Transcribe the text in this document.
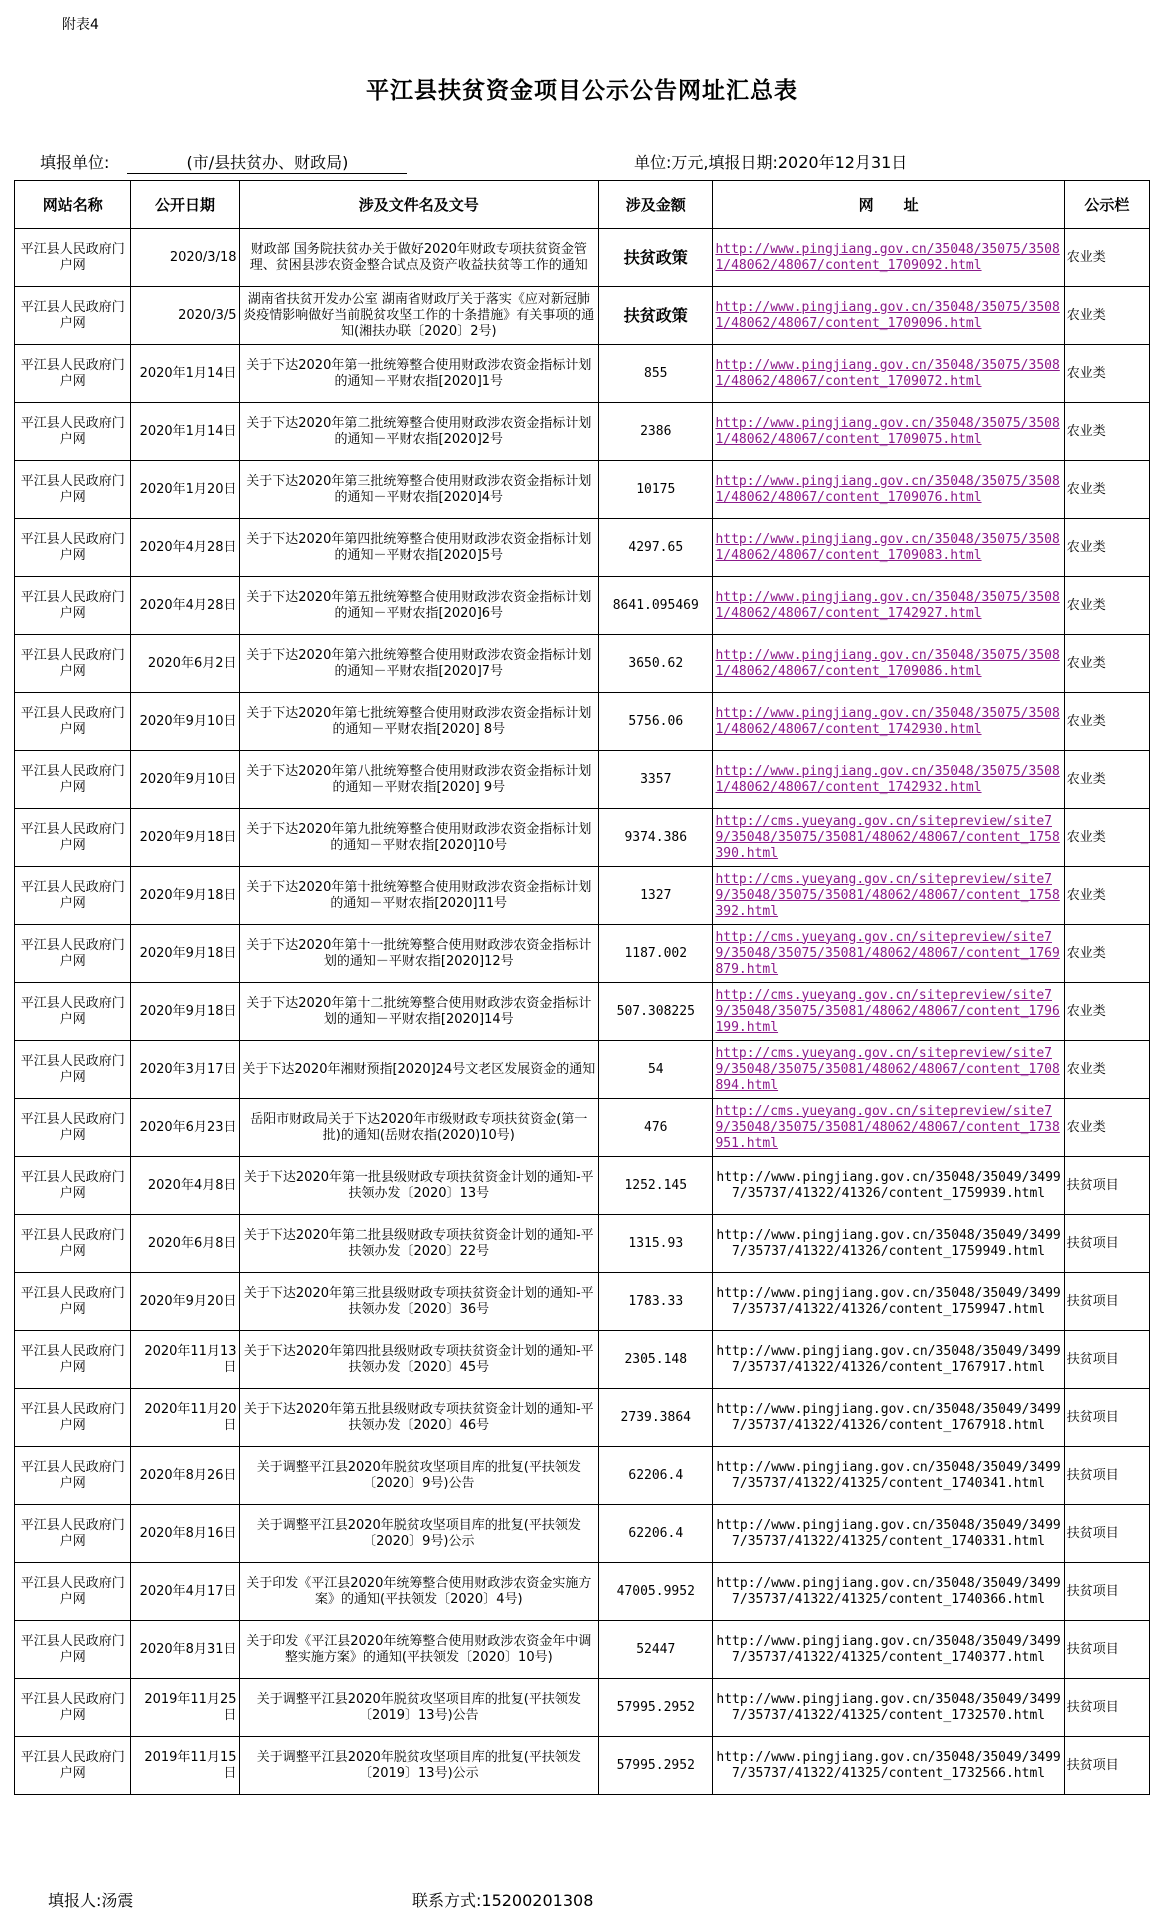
附表4
平江县扶贫资金项目公示公告网址汇总表
填报单位:	(市/县扶贫办、财政局)	单位:万元,填报日期:2020年12月31日
网站名称	公开日期	涉及文件名及文号	涉及金额	网　　址	公示栏
平江县人民政府门户网	2020/3/18	财政部 国务院扶贫办关于做好2020年财政专项扶贫资金管理、贫困县涉农资金整合试点及资产收益扶贫等工作的通知	扶贫政策	http://www.pingjiang.gov.cn/35048/35075/35081/48062/48067/content_1709092.html	农业类
平江县人民政府门户网	2020/3/5	湖南省扶贫开发办公室 湖南省财政厅关于落实《应对新冠肺炎疫情影响做好当前脱贫攻坚工作的十条措施》有关事项的通知(湘扶办联〔2020〕2号)	扶贫政策	http://www.pingjiang.gov.cn/35048/35075/35081/48062/48067/content_1709096.html	农业类
平江县人民政府门户网	2020年1月14日	关于下达2020年第一批统筹整合使用财政涉农资金指标计划的通知－平财农指[2020]1号	855	http://www.pingjiang.gov.cn/35048/35075/35081/48062/48067/content_1709072.html	农业类
平江县人民政府门户网	2020年1月14日	关于下达2020年第二批统筹整合使用财政涉农资金指标计划的通知－平财农指[2020]2号	2386	http://www.pingjiang.gov.cn/35048/35075/35081/48062/48067/content_1709075.html	农业类
平江县人民政府门户网	2020年1月20日	关于下达2020年第三批统筹整合使用财政涉农资金指标计划的通知－平财农指[2020]4号	10175	http://www.pingjiang.gov.cn/35048/35075/35081/48062/48067/content_1709076.html	农业类
平江县人民政府门户网	2020年4月28日	关于下达2020年第四批统筹整合使用财政涉农资金指标计划的通知－平财农指[2020]5号	4297.65	http://www.pingjiang.gov.cn/35048/35075/35081/48062/48067/content_1709083.html	农业类
平江县人民政府门户网	2020年4月28日	关于下达2020年第五批统筹整合使用财政涉农资金指标计划的通知－平财农指[2020]6号	8641.095469	http://www.pingjiang.gov.cn/35048/35075/35081/48062/48067/content_1742927.html	农业类
平江县人民政府门户网	2020年6月2日	关于下达2020年第六批统筹整合使用财政涉农资金指标计划的通知－平财农指[2020]7号	3650.62	http://www.pingjiang.gov.cn/35048/35075/35081/48062/48067/content_1709086.html	农业类
平江县人民政府门户网	2020年9月10日	关于下达2020年第七批统筹整合使用财政涉农资金指标计划的通知－平财农指[2020] 8号	5756.06	http://www.pingjiang.gov.cn/35048/35075/35081/48062/48067/content_1742930.html	农业类
平江县人民政府门户网	2020年9月10日	关于下达2020年第八批统筹整合使用财政涉农资金指标计划的通知－平财农指[2020] 9号	3357	http://www.pingjiang.gov.cn/35048/35075/35081/48062/48067/content_1742932.html	农业类
平江县人民政府门户网	2020年9月18日	关于下达2020年第九批统筹整合使用财政涉农资金指标计划的通知－平财农指[2020]10号	9374.386	http://cms.yueyang.gov.cn/sitepreview/site79/35048/35075/35081/48062/48067/content_1758390.html	农业类
平江县人民政府门户网	2020年9月18日	关于下达2020年第十批统筹整合使用财政涉农资金指标计划的通知－平财农指[2020]11号	1327	http://cms.yueyang.gov.cn/sitepreview/site79/35048/35075/35081/48062/48067/content_1758392.html	农业类
平江县人民政府门户网	2020年9月18日	关于下达2020年第十一批统筹整合使用财政涉农资金指标计划的通知－平财农指[2020]12号	1187.002	http://cms.yueyang.gov.cn/sitepreview/site79/35048/35075/35081/48062/48067/content_1769879.html	农业类
平江县人民政府门户网	2020年9月18日	关于下达2020年第十二批统筹整合使用财政涉农资金指标计划的通知－平财农指[2020]14号	507.308225	http://cms.yueyang.gov.cn/sitepreview/site79/35048/35075/35081/48062/48067/content_1796199.html	农业类
平江县人民政府门户网	2020年3月17日	关于下达2020年湘财预指[2020]24号文老区发展资金的通知	54	http://cms.yueyang.gov.cn/sitepreview/site79/35048/35075/35081/48062/48067/content_1708894.html	农业类
平江县人民政府门户网	2020年6月23日	岳阳市财政局关于下达2020年市级财政专项扶贫资金(第一批)的通知(岳财农指(2020)10号)	476	http://cms.yueyang.gov.cn/sitepreview/site79/35048/35075/35081/48062/48067/content_1738951.html	农业类
平江县人民政府门户网	2020年4月8日	关于下达2020年第一批县级财政专项扶贫资金计划的通知-平扶领办发〔2020〕13号	1252.145	http://www.pingjiang.gov.cn/35048/35049/34997/35737/41322/41326/content_1759939.html	扶贫项目
平江县人民政府门户网	2020年6月8日	关于下达2020年第二批县级财政专项扶贫资金计划的通知-平扶领办发〔2020〕22号	1315.93	http://www.pingjiang.gov.cn/35048/35049/34997/35737/41322/41326/content_1759949.html	扶贫项目
平江县人民政府门户网	2020年9月20日	关于下达2020年第三批县级财政专项扶贫资金计划的通知-平扶领办发〔2020〕36号	1783.33	http://www.pingjiang.gov.cn/35048/35049/34997/35737/41322/41326/content_1759947.html	扶贫项目
平江县人民政府门户网	2020年11月13日	关于下达2020年第四批县级财政专项扶贫资金计划的通知-平扶领办发〔2020〕45号	2305.148	http://www.pingjiang.gov.cn/35048/35049/34997/35737/41322/41326/content_1767917.html	扶贫项目
平江县人民政府门户网	2020年11月20日	关于下达2020年第五批县级财政专项扶贫资金计划的通知-平扶领办发〔2020〕46号	2739.3864	http://www.pingjiang.gov.cn/35048/35049/34997/35737/41322/41326/content_1767918.html	扶贫项目
平江县人民政府门户网	2020年8月26日	关于调整平江县2020年脱贫攻坚项目库的批复(平扶领发〔2020〕9号)公告	62206.4	http://www.pingjiang.gov.cn/35048/35049/34997/35737/41322/41325/content_1740341.html	扶贫项目
平江县人民政府门户网	2020年8月16日	关于调整平江县2020年脱贫攻坚项目库的批复(平扶领发〔2020〕9号)公示	62206.4	http://www.pingjiang.gov.cn/35048/35049/34997/35737/41322/41325/content_1740331.html	扶贫项目
平江县人民政府门户网	2020年4月17日	关于印发《平江县2020年统筹整合使用财政涉农资金实施方案》的通知(平扶领发〔2020〕4号)	47005.9952	http://www.pingjiang.gov.cn/35048/35049/34997/35737/41322/41325/content_1740366.html	扶贫项目
平江县人民政府门户网	2020年8月31日	关于印发《平江县2020年统筹整合使用财政涉农资金年中调整实施方案》的通知(平扶领发〔2020〕10号)	52447	http://www.pingjiang.gov.cn/35048/35049/34997/35737/41322/41325/content_1740377.html	扶贫项目
平江县人民政府门户网	2019年11月25日	关于调整平江县2020年脱贫攻坚项目库的批复(平扶领发〔2019〕13号)公告	57995.2952	http://www.pingjiang.gov.cn/35048/35049/34997/35737/41322/41325/content_1732570.html	扶贫项目
平江县人民政府门户网	2019年11月15日	关于调整平江县2020年脱贫攻坚项目库的批复(平扶领发〔2019〕13号)公示	57995.2952	http://www.pingjiang.gov.cn/35048/35049/34997/35737/41322/41325/content_1732566.html	扶贫项目
填报人:汤震	联系方式:15200201308
